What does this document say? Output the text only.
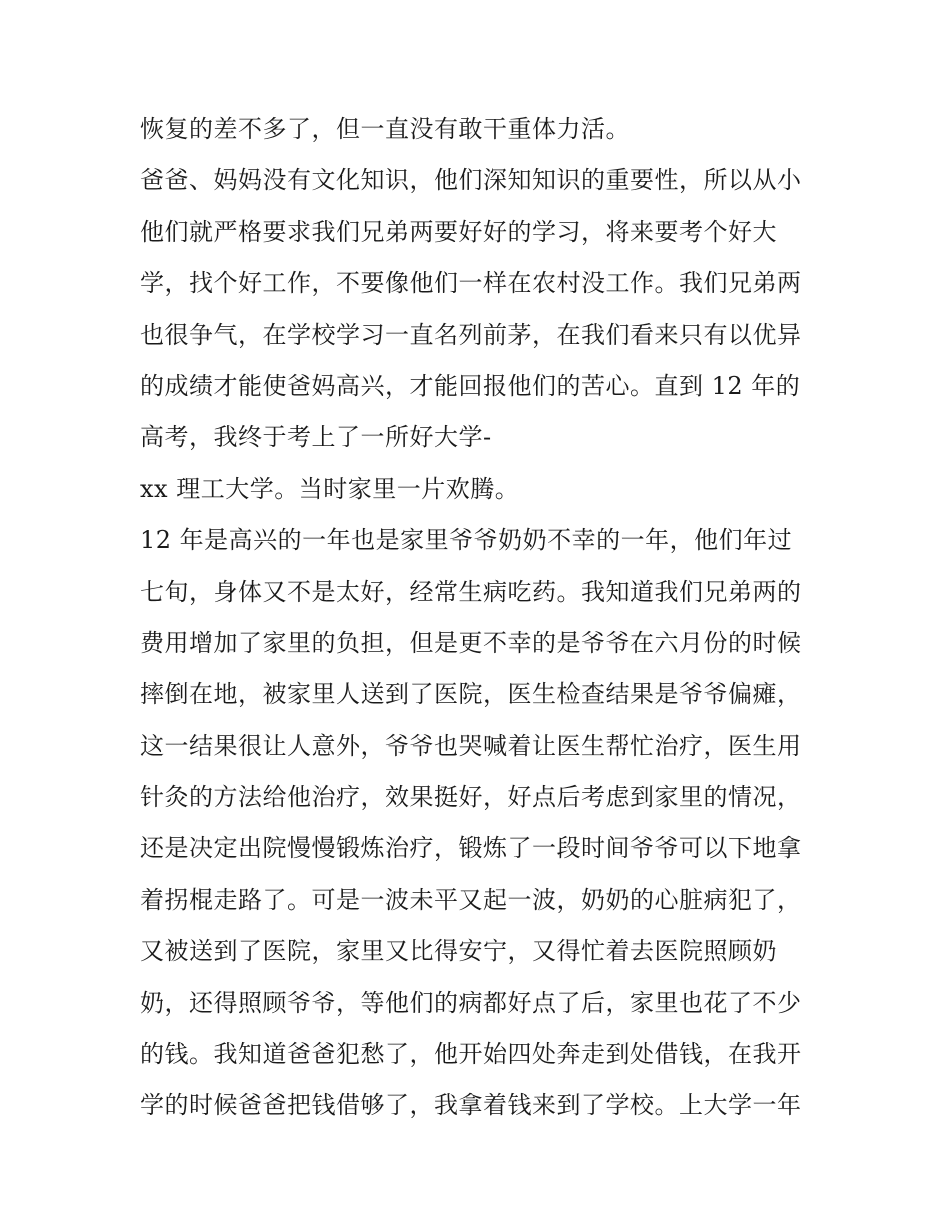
恢复的差不多了，但一直没有敢干重体力活。
爸爸、妈妈没有文化知识，他们深知知识的重要性，所以从小
他们就严格要求我们兄弟两要好好的学习，将来要考个好大
学，找个好工作，不要像他们一样在农村没工作。我们兄弟两
也很争气，在学校学习一直名列前茅，在我们看来只有以优异
的成绩才能使爸妈高兴，才能回报他们的苦心。直到 12 年的
高考，我终于考上了一所好大学-
xx 理工大学。当时家里一片欢腾。
12 年是高兴的一年也是家里爷爷奶奶不幸的一年，他们年过
七旬，身体又不是太好，经常生病吃药。我知道我们兄弟两的
费用增加了家里的负担，但是更不幸的是爷爷在六月份的时候
摔倒在地，被家里人送到了医院，医生检查结果是爷爷偏瘫，
这一结果很让人意外，爷爷也哭喊着让医生帮忙治疗，医生用
针灸的方法给他治疗，效果挺好，好点后考虑到家里的情况，
还是决定出院慢慢锻炼治疗，锻炼了一段时间爷爷可以下地拿
着拐棍走路了。可是一波未平又起一波，奶奶的心脏病犯了，
又被送到了医院，家里又比得安宁，又得忙着去医院照顾奶
奶，还得照顾爷爷，等他们的病都好点了后，家里也花了不少
的钱。我知道爸爸犯愁了，他开始四处奔走到处借钱，在我开
学的时候爸爸把钱借够了，我拿着钱来到了学校。上大学一年
